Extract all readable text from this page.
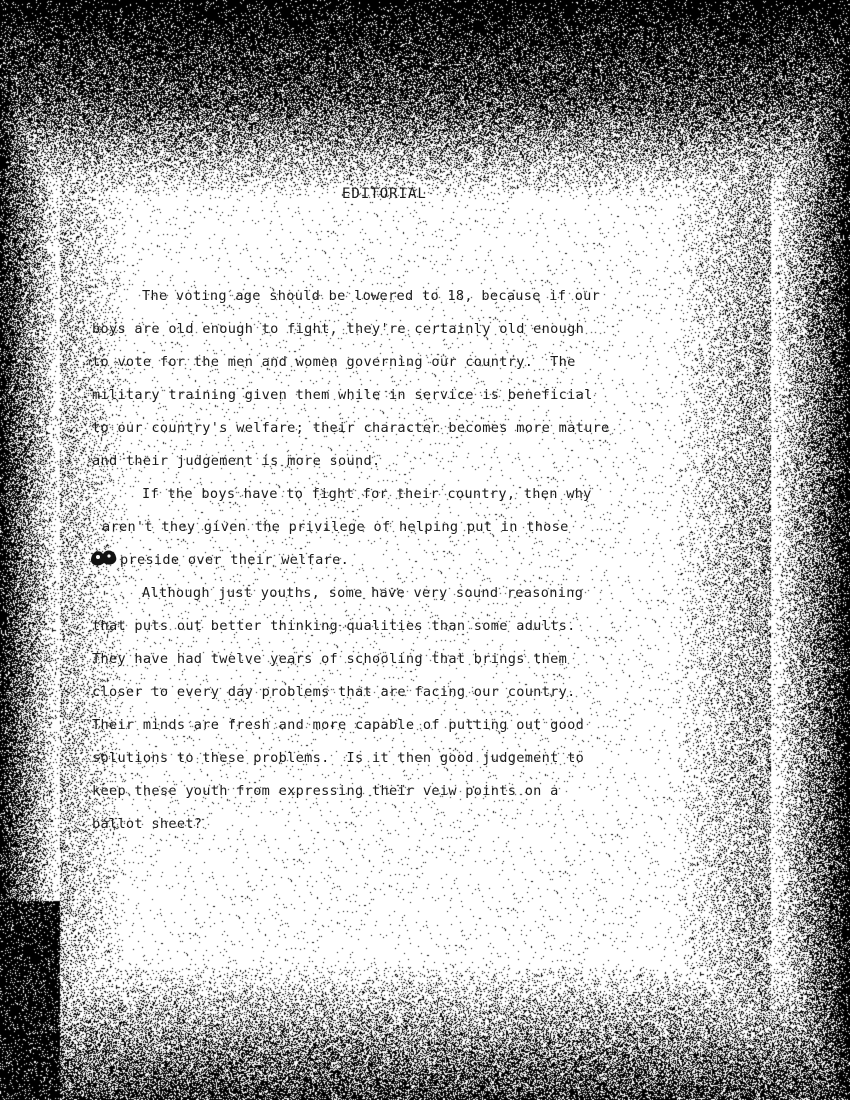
EDITORIAL
The voting age should be lowered to 18, because if our
boys are old enough to fight, they're certainly old enough
to vote for the men and women governing our country.  The
military training given them while in service is beneficial
to our country's welfare; their character becomes more mature
and their judgement is more sound.
If the boys have to fight for their country, then why
aren't they given the privilege of helping put in those
preside over their welfare.
Although just youths, some have very sound reasoning
that puts out better thinking qualities than some adults.
They have had twelve years of schooling that brings them
closer to every day problems that are facing our country.
Their minds are fresh and more capable of putting out good
solutions to these problems.  Is it then good judgement to
keep these youth from expressing their veiw points on a
ballot sheet?
